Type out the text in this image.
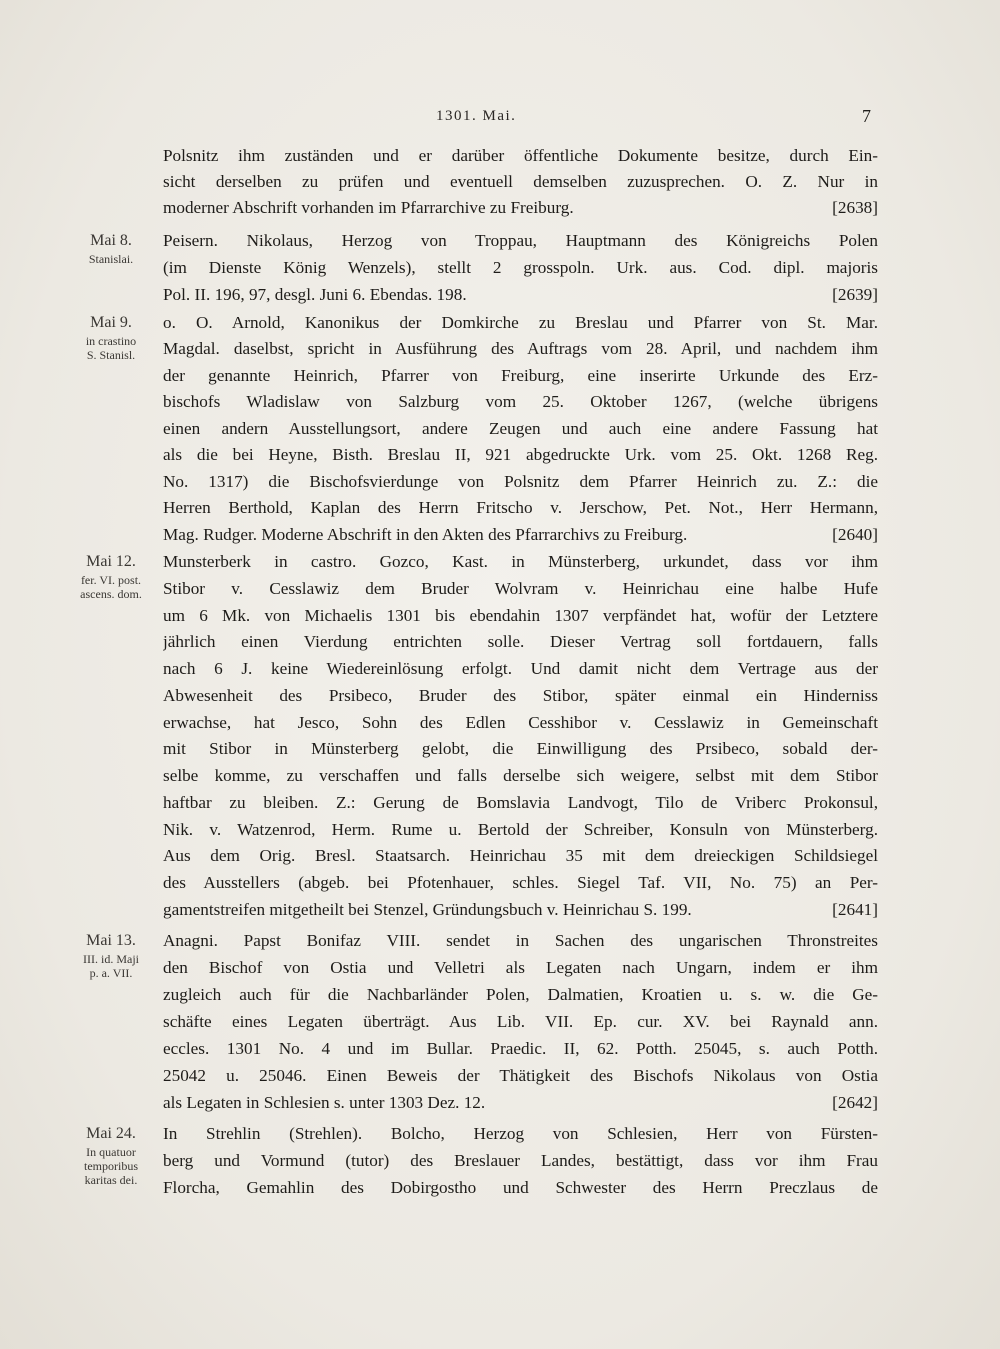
1301. Mai.	7
Polsnitz ihm zuständen und er darüber öffentliche Dokumente besitze, durch Ein-
sicht derselben zu prüfen und eventuell demselben zuzusprechen. O. Z. Nur in
moderner Abschrift vorhanden im Pfarrarchive zu Freiburg.	[2638]
Mai 8.
Stanislai.
Peisern. Nikolaus, Herzog von Troppau, Hauptmann des Königreichs Polen
(im Dienste König Wenzels), stellt 2 grosspoln. Urk. aus. Cod. dipl. majoris
Pol. II. 196, 97, desgl. Juni 6. Ebendas. 198.	[2639]
Mai 9.
in crastino
S. Stanisl.
o. O. Arnold, Kanonikus der Domkirche zu Breslau und Pfarrer von St. Mar.
Magdal. daselbst, spricht in Ausführung des Auftrags vom 28. April, und nachdem ihm
der genannte Heinrich, Pfarrer von Freiburg, eine inserirte Urkunde des Erz-
bischofs Wladislaw von Salzburg vom 25. Oktober 1267, (welche übrigens
einen andern Ausstellungsort, andere Zeugen und auch eine andere Fassung hat
als die bei Heyne, Bisth. Breslau II, 921 abgedruckte Urk. vom 25. Okt. 1268 Reg.
No. 1317) die Bischofsvierdunge von Polsnitz dem Pfarrer Heinrich zu. Z.: die
Herren Berthold, Kaplan des Herrn Fritscho v. Jerschow, Pet. Not., Herr Hermann,
Mag. Rudger. Moderne Abschrift in den Akten des Pfarrarchivs zu Freiburg.	[2640]
Mai 12.
fer. VI. post.
ascens. dom.
Munsterberk in castro. Gozco, Kast. in Münsterberg, urkundet, dass vor ihm
Stibor v. Cesslawiz dem Bruder Wolvram v. Heinrichau eine halbe Hufe
um 6 Mk. von Michaelis 1301 bis ebendahin 1307 verpfändet hat, wofür der Letztere
jährlich einen Vierdung entrichten solle. Dieser Vertrag soll fortdauern, falls
nach 6 J. keine Wiedereinlösung erfolgt. Und damit nicht dem Vertrage aus der
Abwesenheit des Prsibeco, Bruder des Stibor, später einmal ein Hinderniss
erwachse, hat Jesco, Sohn des Edlen Cesshibor v. Cesslawiz in Gemeinschaft
mit Stibor in Münsterberg gelobt, die Einwilligung des Prsibeco, sobald der-
selbe komme, zu verschaffen und falls derselbe sich weigere, selbst mit dem Stibor
haftbar zu bleiben. Z.: Gerung de Bomslavia Landvogt, Tilo de Vriberc Prokonsul,
Nik. v. Watzenrod, Herm. Rume u. Bertold der Schreiber, Konsuln von Münsterberg.
Aus dem Orig. Bresl. Staatsarch. Heinrichau 35 mit dem dreieckigen Schildsiegel
des Ausstellers (abgeb. bei Pfotenhauer, schles. Siegel Taf. VII, No. 75) an Per-
gamentstreifen mitgetheilt bei Stenzel, Gründungsbuch v. Heinrichau S. 199.	[2641]
Mai 13.
III. id. Maji
p. a. VII.
Anagni. Papst Bonifaz VIII. sendet in Sachen des ungarischen Thronstreites
den Bischof von Ostia und Velletri als Legaten nach Ungarn, indem er ihm
zugleich auch für die Nachbarländer Polen, Dalmatien, Kroatien u. s. w. die Ge-
schäfte eines Legaten überträgt. Aus Lib. VII. Ep. cur. XV. bei Raynald ann.
eccles. 1301 No. 4 und im Bullar. Praedic. II, 62. Potth. 25045, s. auch Potth.
25042 u. 25046. Einen Beweis der Thätigkeit des Bischofs Nikolaus von Ostia
als Legaten in Schlesien s. unter 1303 Dez. 12.	[2642]
Mai 24.
In quatuor
temporibus
karitas dei.
In Strehlin (Strehlen). Bolcho, Herzog von Schlesien, Herr von Fürsten-
berg und Vormund (tutor) des Breslauer Landes, bestättigt, dass vor ihm Frau
Florcha, Gemahlin des Dobirgostho und Schwester des Herrn Preczlaus de
